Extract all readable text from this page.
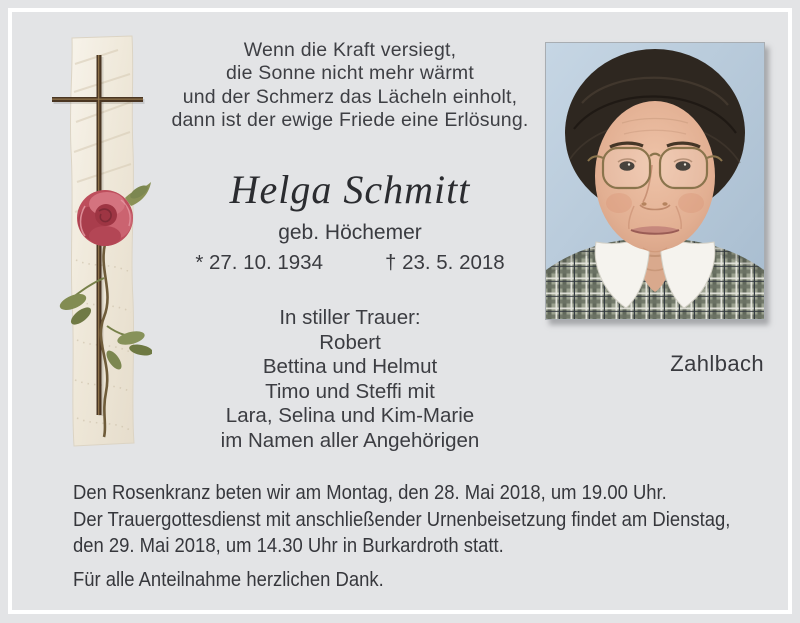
Wenn die Kraft versiegt,
die Sonne nicht mehr wärmt
und der Schmerz das Lächeln einholt,
dann ist der ewige Friede eine Erlösung.
Helga Schmitt
geb. Höchemer
* 27. 10. 1934	† 23. 5. 2018
In stiller Trauer:
Robert
Bettina und Helmut
Timo und Steffi mit
Lara, Selina und Kim-Marie
im Namen aller Angehörigen
Zahlbach
Den Rosenkranz beten wir am Montag, den 28. Mai 2018, um 19.00 Uhr.
Der Trauergottesdienst mit anschließender Urnenbeisetzung findet am Dienstag,
den 29. Mai 2018, um 14.30 Uhr in Burkardroth statt.
Für alle Anteilnahme herzlichen Dank.
